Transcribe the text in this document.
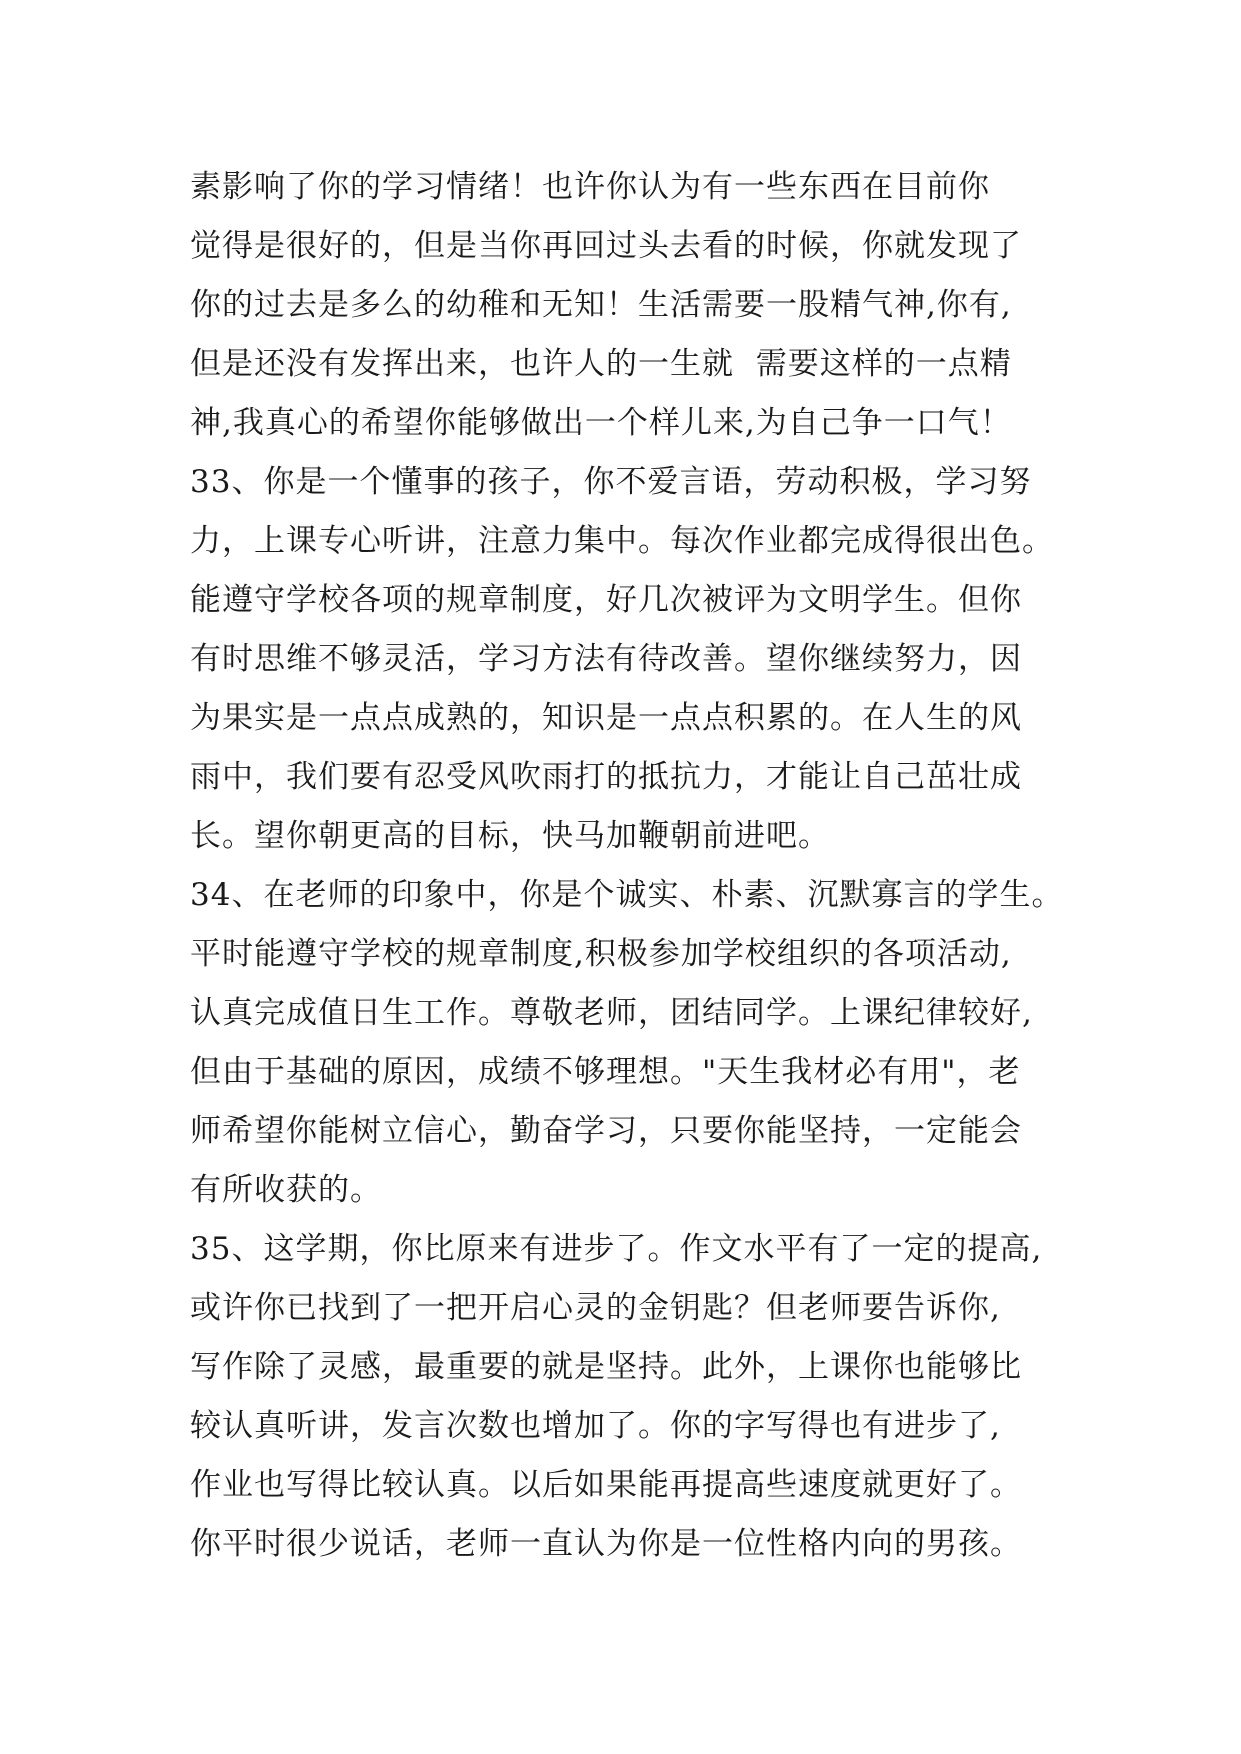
素影响了你的学习情绪！也许你认为有一些东西在目前你
觉得是很好的，但是当你再回过头去看的时候，你就发现了
你的过去是多么的幼稚和无知！生活需要一股精气神,你有,
但是还没有发挥出来，也许人的一生就  需要这样的一点精
神,我真心的希望你能够做出一个样儿来,为自己争一口气！
33、你是一个懂事的孩子，你不爱言语，劳动积极，学习努
力，上课专心听讲，注意力集中。每次作业都完成得很出色。
能遵守学校各项的规章制度，好几次被评为文明学生。但你
有时思维不够灵活，学习方法有待改善。望你继续努力，因
为果实是一点点成熟的，知识是一点点积累的。在人生的风
雨中，我们要有忍受风吹雨打的抵抗力，才能让自己茁壮成
长。望你朝更高的目标，快马加鞭朝前进吧。
34、在老师的印象中，你是个诚实、朴素、沉默寡言的学生。
平时能遵守学校的规章制度,积极参加学校组织的各项活动,
认真完成值日生工作。尊敬老师，团结同学。上课纪律较好,
但由于基础的原因，成绩不够理想。"天生我材必有用"，老
师希望你能树立信心，勤奋学习，只要你能坚持，一定能会
有所收获的。
35、这学期，你比原来有进步了。作文水平有了一定的提高,
或许你已找到了一把开启心灵的金钥匙？但老师要告诉你,
写作除了灵感，最重要的就是坚持。此外，上课你也能够比
较认真听讲，发言次数也增加了。你的字写得也有进步了,
作业也写得比较认真。以后如果能再提高些速度就更好了。
你平时很少说话，老师一直认为你是一位性格内向的男孩。
